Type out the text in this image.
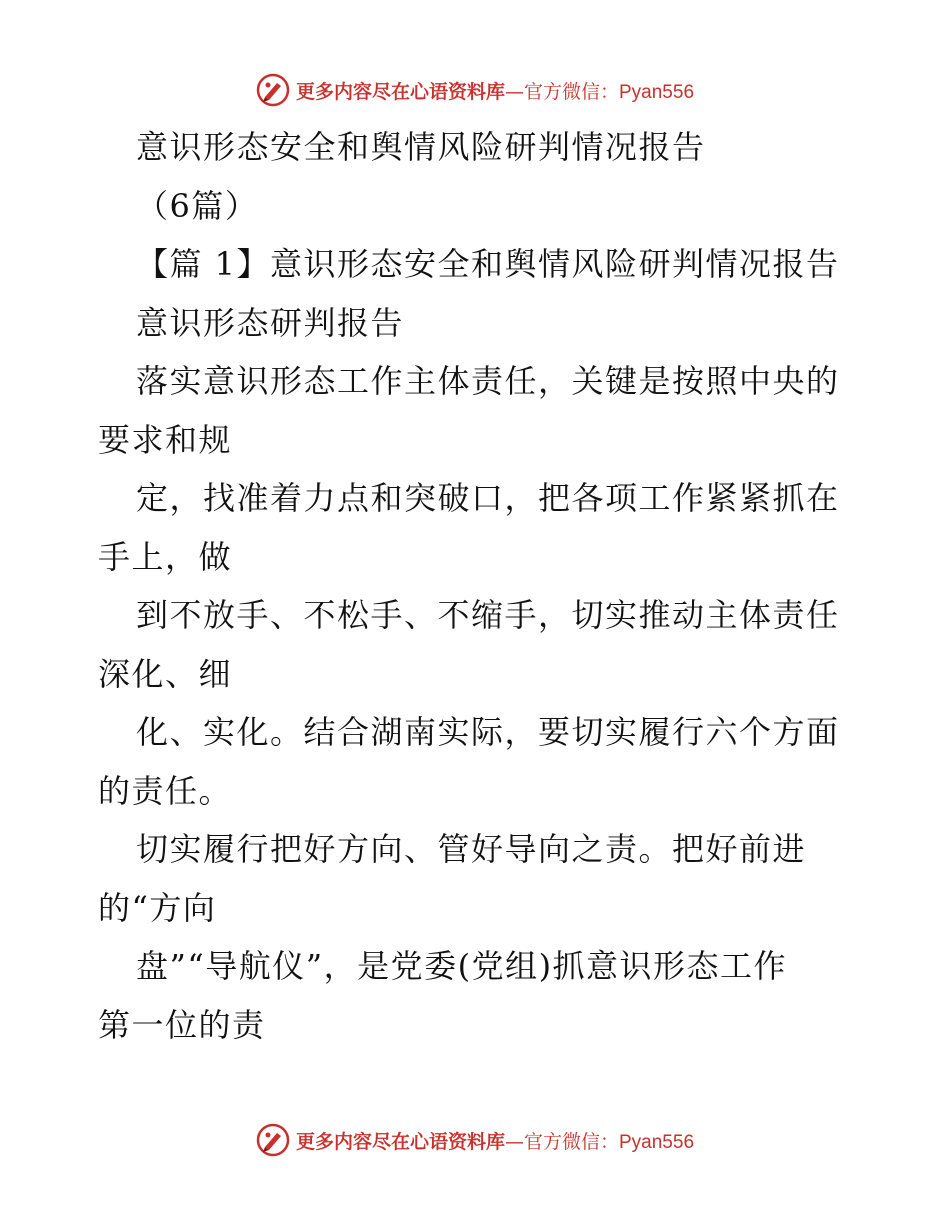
更多内容尽在心语资料库—官方微信：Pyan556
意识形态安全和舆情风险研判情况报告
（6篇）
【篇 1】意识形态安全和舆情风险研判情况报告
意识形态研判报告
落实意识形态工作主体责任，关键是按照中央的
要求和规
定，找准着力点和突破口，把各项工作紧紧抓在
手上，做
到不放手、不松手、不缩手，切实推动主体责任
深化、细
化、实化。结合湖南实际，要切实履行六个方面
的责任。
切实履行把好方向、管好导向之责。把好前进
的“方向
盘”“导航仪”，是党委(党组)抓意识形态工作
第一位的责
更多内容尽在心语资料库—官方微信：Pyan556
